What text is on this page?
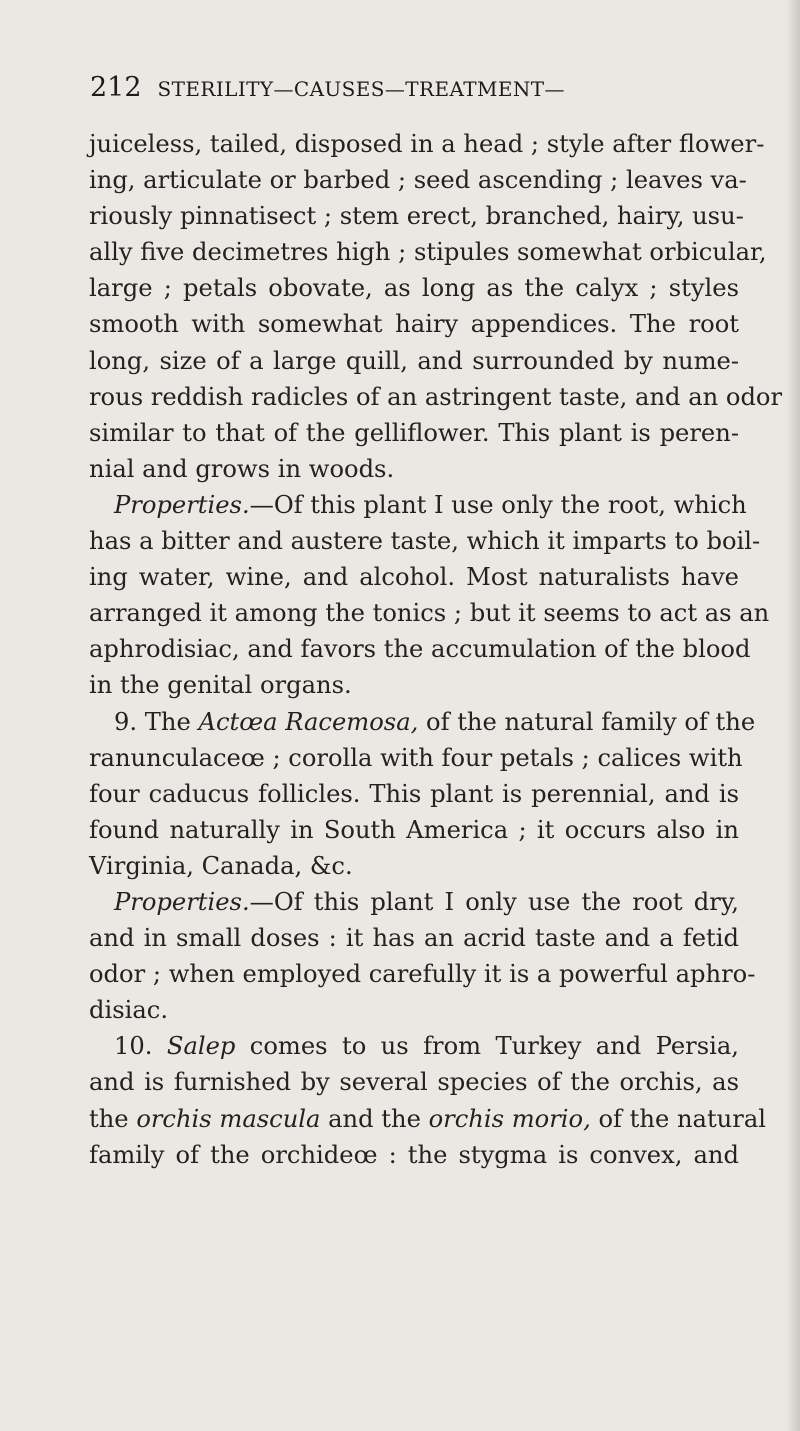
212 STERILITY—CAUSES—TREATMENT—
juiceless, tailed, disposed in a head ; style after flower-
ing, articulate or barbed ; seed ascending ; leaves va-
riously pinnatisect ; stem erect, branched, hairy, usu-
ally five decimetres high ; stipules somewhat orbicular,
large ; petals obovate, as long as the calyx ; styles
smooth with somewhat hairy appendices. The root
long, size of a large quill, and surrounded by nume-
rous reddish radicles of an astringent taste, and an odor
similar to that of the gelliflower. This plant is peren-
nial and grows in woods.
Properties.—Of this plant I use only the root, which
has a bitter and austere taste, which it imparts to boil-
ing water, wine, and alcohol. Most naturalists have
arranged it among the tonics ; but it seems to act as an
aphrodisiac, and favors the accumulation of the blood
in the genital organs.
9. The Actœa Racemosa, of the natural family of the
ranunculaceœ ; corolla with four petals ; calices with
four caducus follicles. This plant is perennial, and is
found naturally in South America ; it occurs also in
Virginia, Canada, &c.
Properties.—Of this plant I only use the root dry,
and in small doses : it has an acrid taste and a fetid
odor ; when employed carefully it is a powerful aphro-
disiac.
10. Salep comes to us from Turkey and Persia,
and is furnished by several species of the orchis, as
the orchis mascula and the orchis morio, of the natural
family of the orchideœ : the stygma is convex, and
